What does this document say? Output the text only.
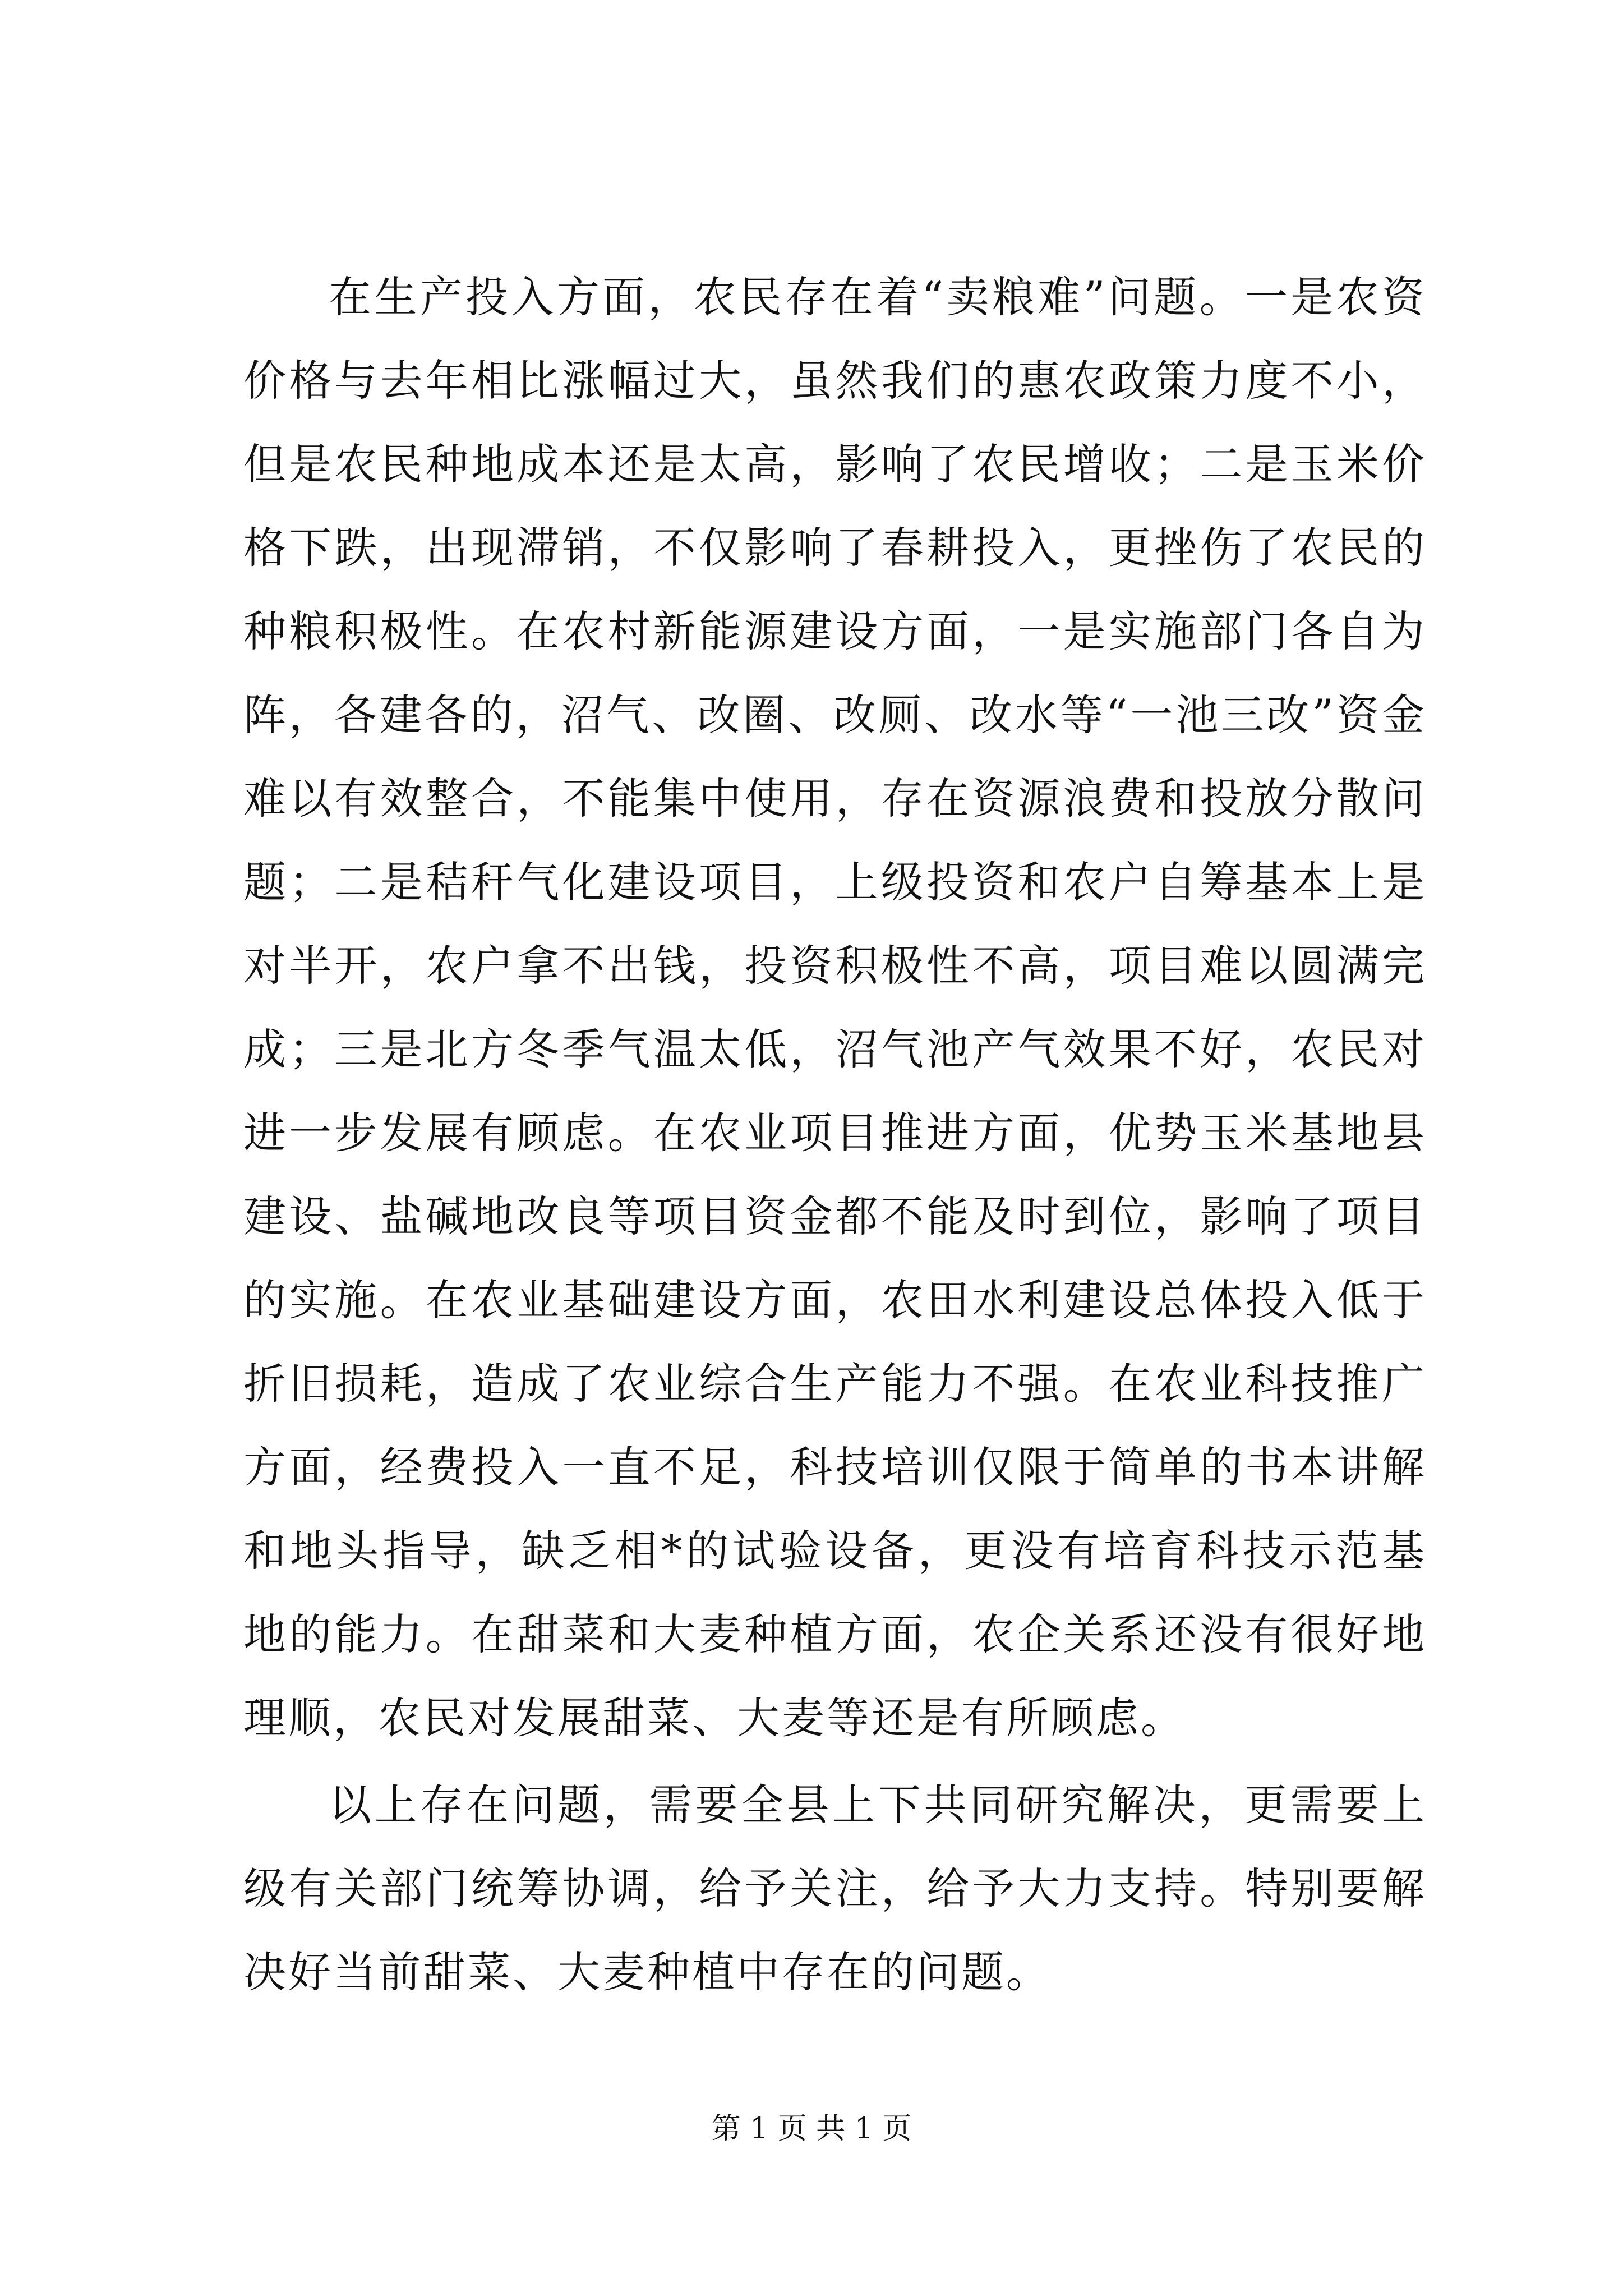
在生产投入方面，农民存在着“卖粮难”问题。一是农资价格与去年相比涨幅过大，虽然我们的惠农政策力度不小，但是农民种地成本还是太高，影响了农民增收；二是玉米价格下跌，出现滞销，不仅影响了春耕投入，更挫伤了农民的种粮积极性。在农村新能源建设方面，一是实施部门各自为阵，各建各的，沼气、改圈、改厕、改水等“一池三改”资金难以有效整合，不能集中使用，存在资源浪费和投放分散问题；二是秸秆气化建设项目，上级投资和农户自筹基本上是对半开，农户拿不出钱，投资积极性不高，项目难以圆满完成；三是北方冬季气温太低，沼气池产气效果不好，农民对进一步发展有顾虑。在农业项目推进方面，优势玉米基地县建设、盐碱地改良等项目资金都不能及时到位，影响了项目的实施。在农业基础建设方面，农田水利建设总体投入低于折旧损耗，造成了农业综合生产能力不强。在农业科技推广方面，经费投入一直不足，科技培训仅限于简单的书本讲解和地头指导，缺乏相*的试验设备，更没有培育科技示范基地的能力。在甜菜和大麦种植方面，农企关系还没有很好地理顺，农民对发展甜菜、大麦等还是有所顾虑。

以上存在问题，需要全县上下共同研究解决，更需要上级有关部门统筹协调，给予关注，给予大力支持。特别要解决好当前甜菜、大麦种植中存在的问题。

第 1 页 共 1 页
